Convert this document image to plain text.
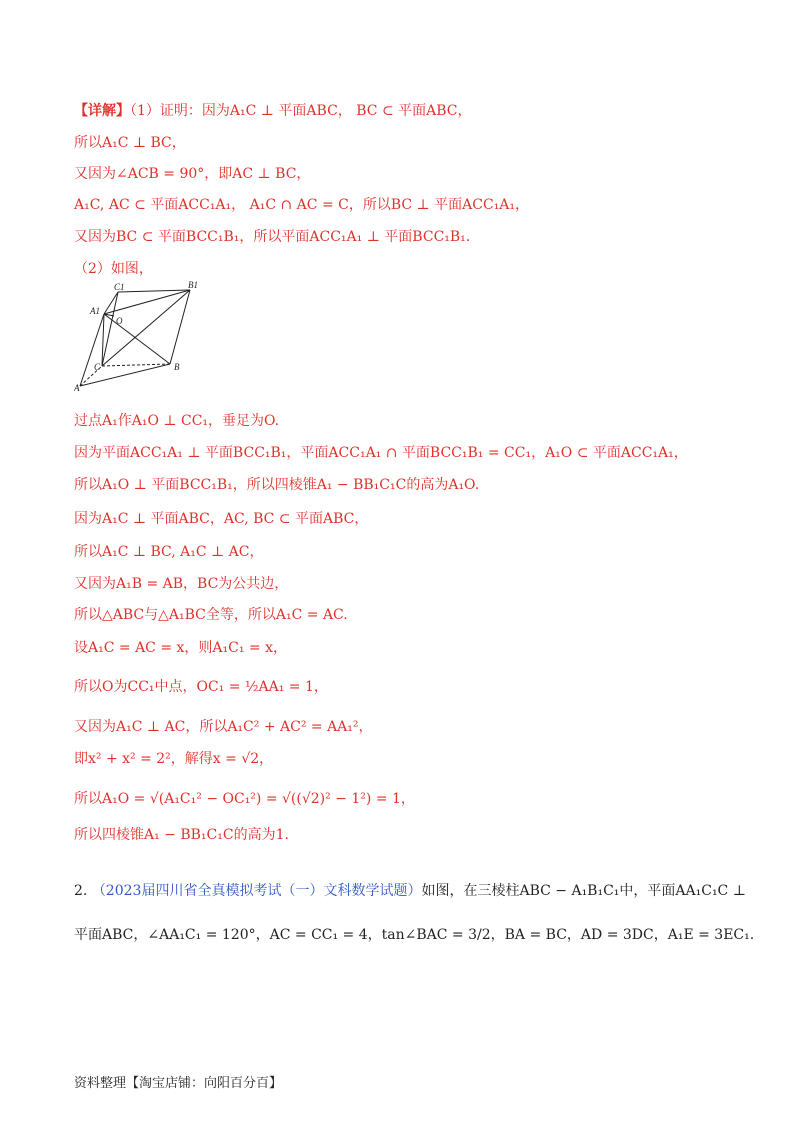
【详解】（1）证明：因为A₁C ⊥ 平面ABC， BC ⊂ 平面ABC，
所以A₁C ⊥ BC，
又因为∠ACB = 90°，即AC ⊥ BC，
A₁C, AC ⊂ 平面ACC₁A₁， A₁C ∩ AC = C，所以BC ⊥ 平面ACC₁A₁，
又因为BC ⊂ 平面BCC₁B₁，所以平面ACC₁A₁ ⊥ 平面BCC₁B₁.
（2）如图，
C1	B1
A1
O
C	B
A
过点A₁作A₁O ⊥ CC₁，垂足为O.
因为平面ACC₁A₁ ⊥ 平面BCC₁B₁，平面ACC₁A₁ ∩ 平面BCC₁B₁ = CC₁，A₁O ⊂ 平面ACC₁A₁，
所以A₁O ⊥ 平面BCC₁B₁，所以四棱锥A₁ − BB₁C₁C的高为A₁O.
因为A₁C ⊥ 平面ABC，AC, BC ⊂ 平面ABC，
所以A₁C ⊥ BC, A₁C ⊥ AC，
又因为A₁B = AB，BC为公共边，
所以△ABC与△A₁BC全等，所以A₁C = AC.
设A₁C = AC = x，则A₁C₁ = x，
所以O为CC₁中点，OC₁ = ½AA₁ = 1，
又因为A₁C ⊥ AC，所以A₁C² + AC² = AA₁²，
即x² + x² = 2²，解得x = √2，
所以A₁O = √(A₁C₁² − OC₁²) = √((√2)² − 1²) = 1，
所以四棱锥A₁ − BB₁C₁C的高为1.
2. （2023届四川省全真模拟考试（一）文科数学试题）如图，在三棱柱ABC − A₁B₁C₁中，平面AA₁C₁C ⊥
平面ABC，∠AA₁C₁ = 120°，AC = CC₁ = 4，tan∠BAC = 3/2，BA = BC，AD = 3DC，A₁E = 3EC₁.
资料整理【淘宝店铺：向阳百分百】
